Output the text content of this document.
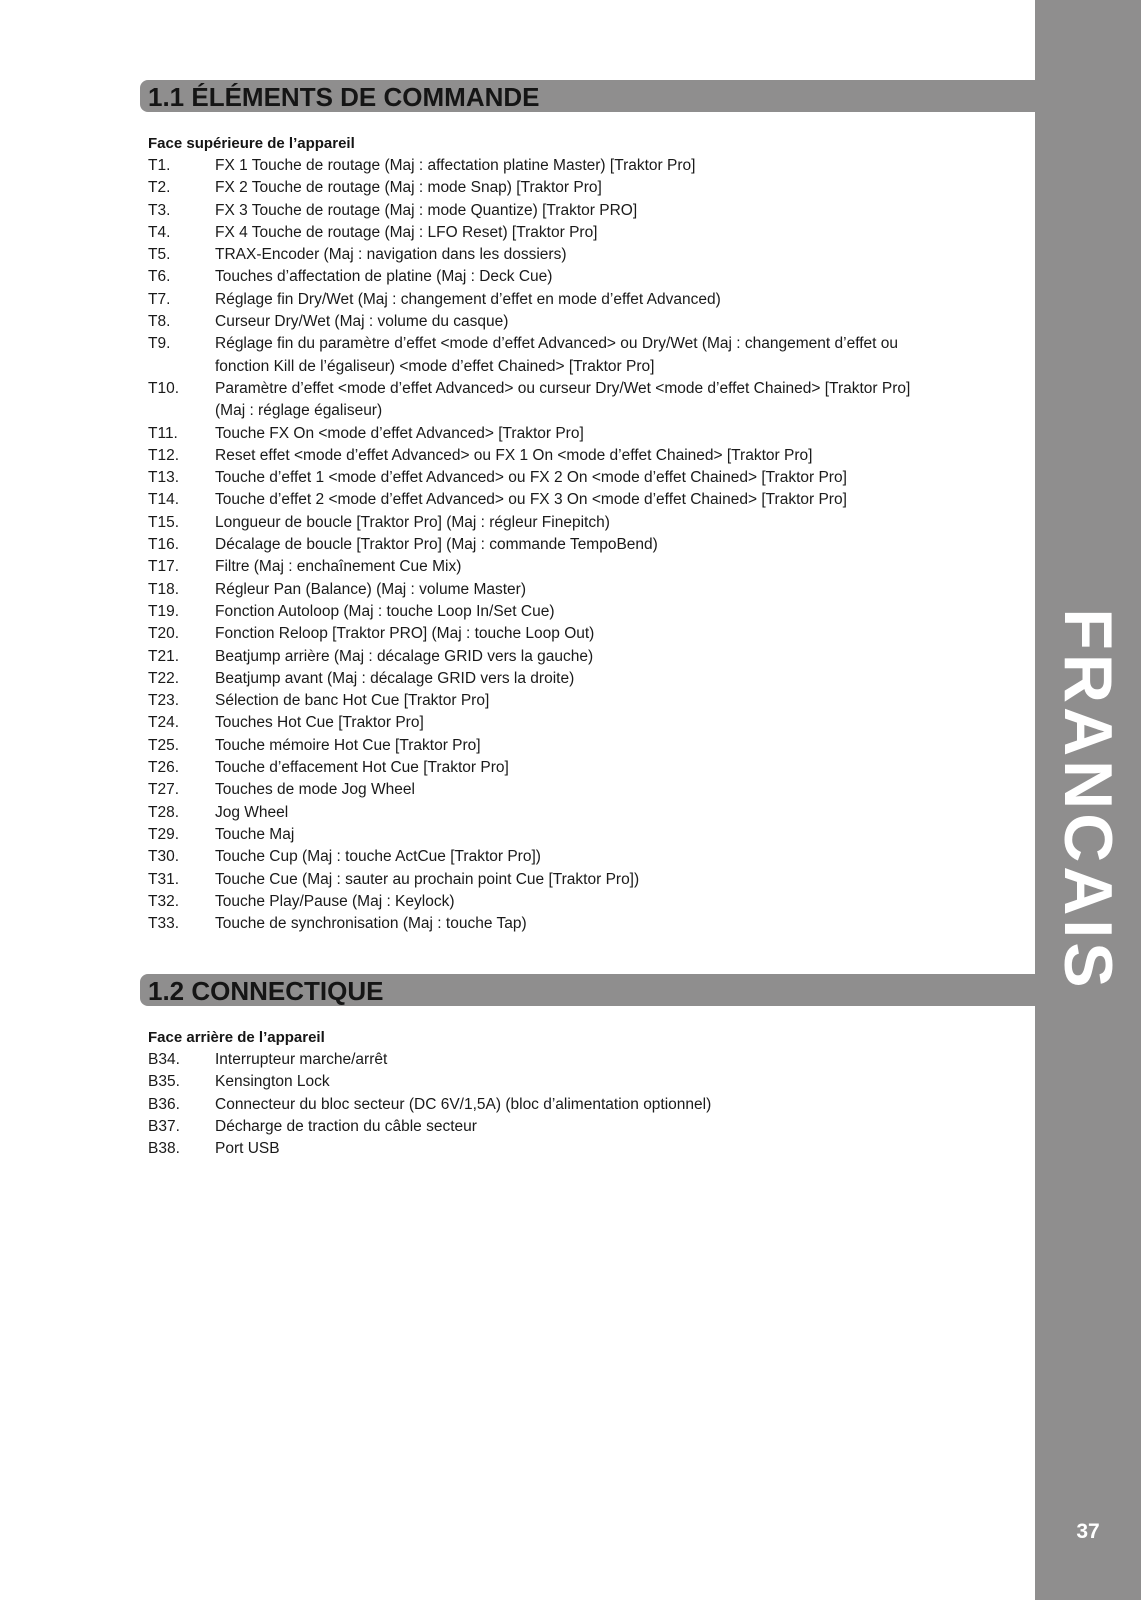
FRANCAIS
37
1.1 ÉLÉMENTS DE COMMANDE
Face supérieure de l’appareil
T1.	FX 1 Touche de routage (Maj : affectation platine Master) [Traktor Pro]
T2.	FX 2 Touche de routage (Maj : mode Snap) [Traktor Pro]
T3.	FX 3 Touche de routage (Maj : mode Quantize) [Traktor PRO]
T4.	FX 4 Touche de routage (Maj : LFO Reset) [Traktor Pro]
T5.	TRAX-Encoder (Maj : navigation dans les dossiers)
T6.	Touches d’affectation de platine (Maj : Deck Cue)
T7.	Réglage fin Dry/Wet (Maj : changement d’effet en mode d’effet Advanced)
T8.	Curseur Dry/Wet (Maj : volume du casque)
T9.	Réglage fin du paramètre d’effet <mode d’effet Advanced> ou Dry/Wet (Maj : changement d’effet ou fonction Kill de l’égaliseur) <mode d’effet Chained> [Traktor Pro]
T10.	Paramètre d’effet <mode d’effet Advanced> ou curseur Dry/Wet <mode d’effet Chained> [Traktor Pro] (Maj : réglage égaliseur)
T11.	Touche FX On <mode d’effet Advanced> [Traktor Pro]
T12.	Reset effet <mode d’effet Advanced> ou FX 1 On <mode d’effet Chained> [Traktor Pro]
T13.	Touche d’effet 1 <mode d’effet Advanced> ou FX 2 On <mode d’effet Chained> [Traktor Pro]
T14.	Touche d’effet 2 <mode d’effet Advanced> ou FX 3 On <mode d’effet Chained> [Traktor Pro]
T15.	Longueur de boucle [Traktor Pro] (Maj : régleur Finepitch)
T16.	Décalage de boucle [Traktor Pro] (Maj : commande TempoBend)
T17.	Filtre (Maj : enchaînement Cue Mix)
T18.	Régleur Pan (Balance) (Maj : volume Master)
T19.	Fonction Autoloop (Maj : touche Loop In/Set Cue)
T20.	Fonction Reloop [Traktor PRO] (Maj : touche Loop Out)
T21.	Beatjump arrière (Maj : décalage GRID vers la gauche)
T22.	Beatjump avant (Maj : décalage GRID vers la droite)
T23.	Sélection de banc Hot Cue [Traktor Pro]
T24.	Touches Hot Cue [Traktor Pro]
T25.	Touche mémoire Hot Cue [Traktor Pro]
T26.	Touche d’effacement Hot Cue [Traktor Pro]
T27.	Touches de mode Jog Wheel
T28.	Jog Wheel
T29.	Touche Maj
T30.	Touche Cup (Maj : touche ActCue [Traktor Pro])
T31.	Touche Cue (Maj : sauter au prochain point Cue [Traktor Pro])
T32.	Touche Play/Pause (Maj : Keylock)
T33.	Touche de synchronisation (Maj : touche Tap)
1.2 CONNECTIQUE
Face arrière de l’appareil
B34.	Interrupteur marche/arrêt
B35.	Kensington Lock
B36.	Connecteur du bloc secteur (DC 6V/1,5A) (bloc d’alimentation optionnel)
B37.	Décharge de traction du câble secteur
B38.	Port USB
